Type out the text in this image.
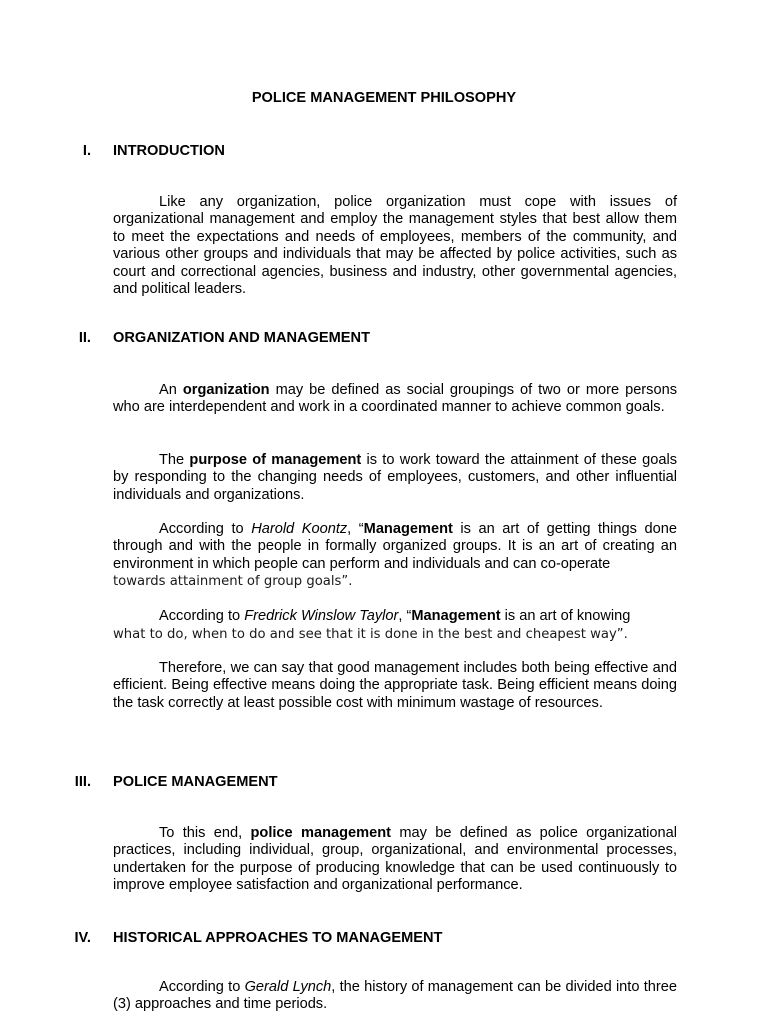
POLICE MANAGEMENT PHILOSOPHY
I. INTRODUCTION
Like any organization, police organization must cope with issues of organizational management and employ the management styles that best allow them to meet the expectations and needs of employees, members of the community, and various other groups and individuals that may be affected by police activities, such as court and correctional agencies, business and industry, other governmental agencies, and political leaders.
II. ORGANIZATION AND MANAGEMENT
An organization may be defined as social groupings of two or more persons who are interdependent and work in a coordinated manner to achieve common goals.
The purpose of management is to work toward the attainment of these goals by responding to the changing needs of employees, customers, and other influential individuals and organizations.
According to Harold Koontz, “Management is an art of getting things done through and with the people in formally organized groups. It is an art of creating an environment in which people can perform and individuals and can co-operate
towards attainment of group goals”.
According to Fredrick Winslow Taylor, “Management is an art of knowing
what to do, when to do and see that it is done in the best and cheapest way”.
Therefore, we can say that good management includes both being effective and efficient. Being effective means doing the appropriate task. Being efficient means doing the task correctly at least possible cost with minimum wastage of resources.
III. POLICE MANAGEMENT
To this end, police management may be defined as police organizational practices, including individual, group, organizational, and environmental processes, undertaken for the purpose of producing knowledge that can be used continuously to improve employee satisfaction and organizational performance.
IV. HISTORICAL APPROACHES TO MANAGEMENT
According to Gerald Lynch, the history of management can be divided into three (3) approaches and time periods.
